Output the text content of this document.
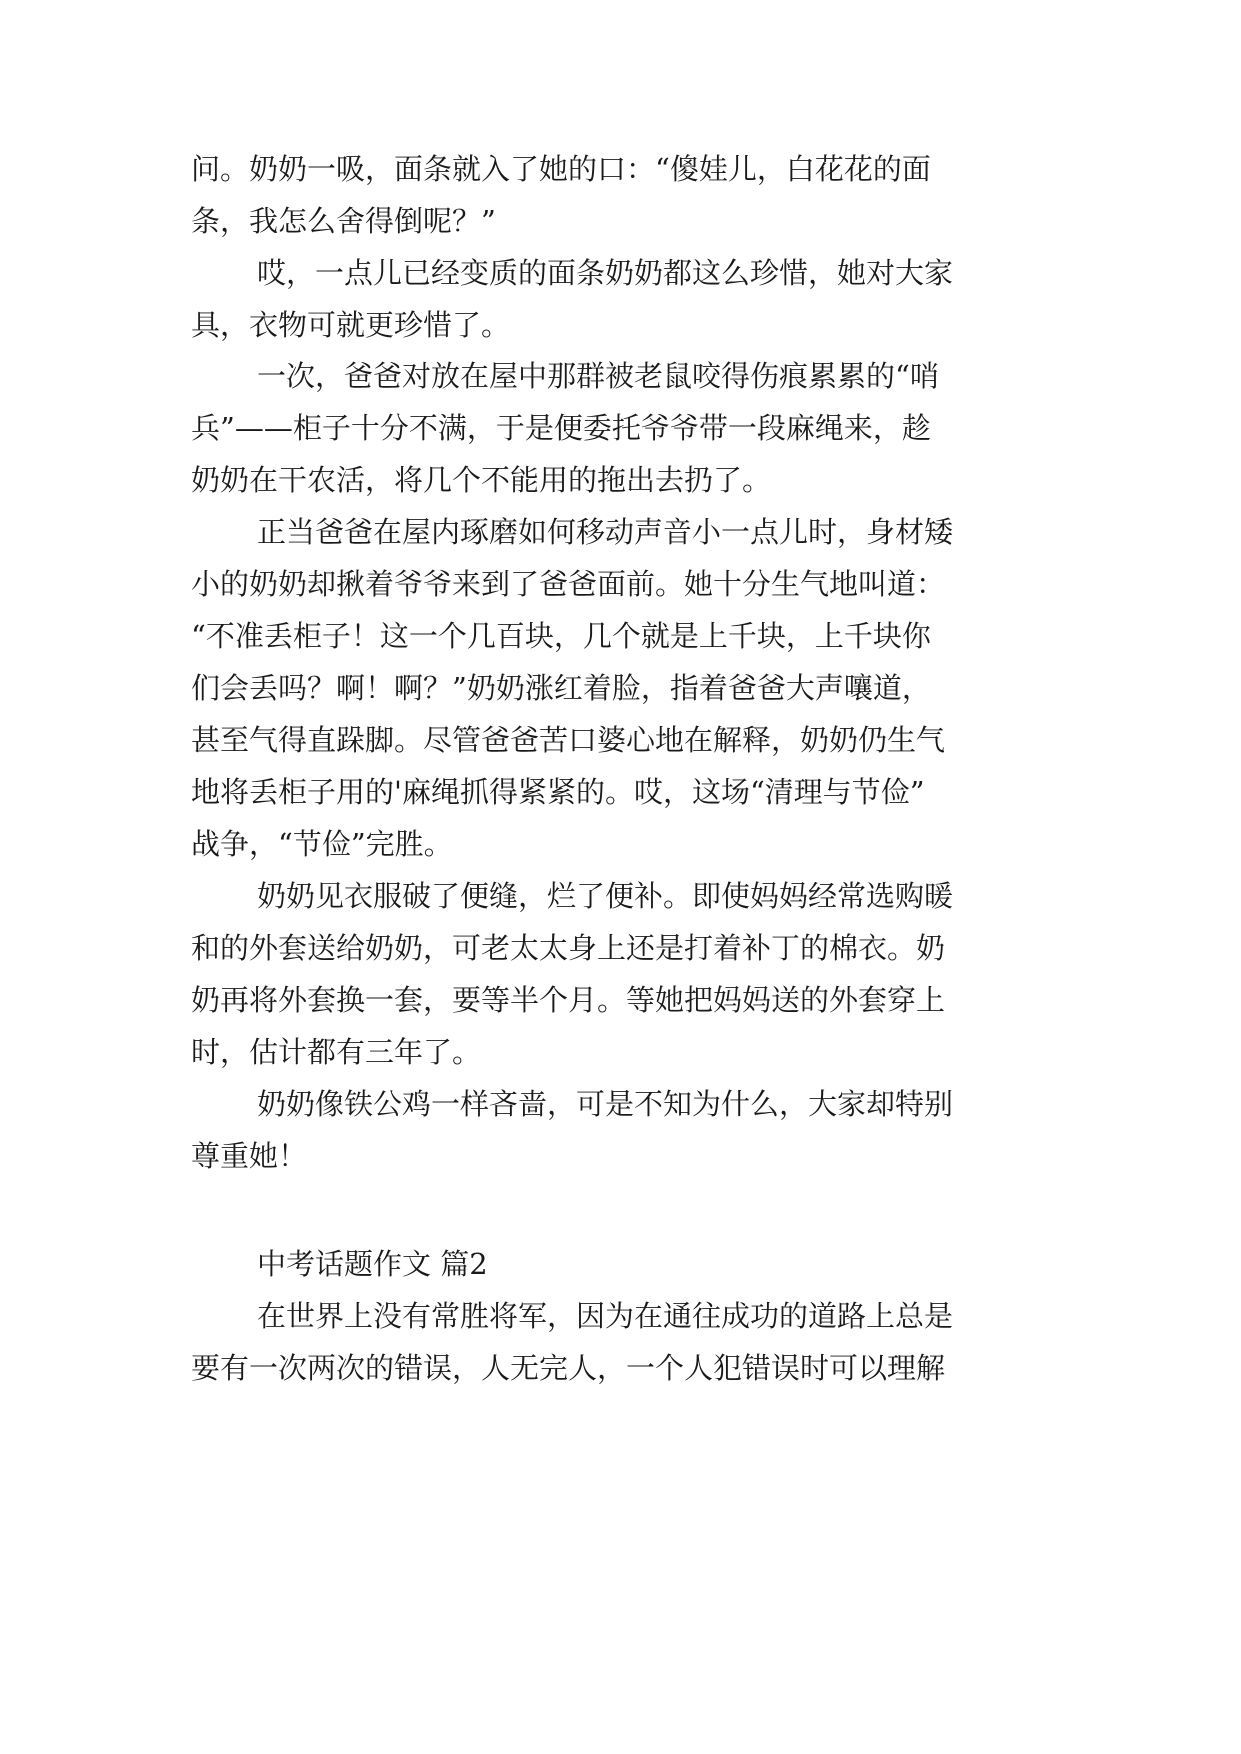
问。奶奶一吸，面条就入了她的口：“傻娃儿，白花花的面
条，我怎么舍得倒呢？”
哎，一点儿已经变质的面条奶奶都这么珍惜，她对大家
具，衣物可就更珍惜了。
一次，爸爸对放在屋中那群被老鼠咬得伤痕累累的“哨
兵”——柜子十分不满，于是便委托爷爷带一段麻绳来，趁
奶奶在干农活，将几个不能用的拖出去扔了。
正当爸爸在屋内琢磨如何移动声音小一点儿时，身材矮
小的奶奶却揪着爷爷来到了爸爸面前。她十分生气地叫道：
“不准丢柜子！这一个几百块，几个就是上千块，上千块你
们会丢吗？啊！啊？”奶奶涨红着脸，指着爸爸大声嚷道，
甚至气得直跺脚。尽管爸爸苦口婆心地在解释，奶奶仍生气
地将丢柜子用的'麻绳抓得紧紧的。哎，这场“清理与节俭”
战争，“节俭”完胜。
奶奶见衣服破了便缝，烂了便补。即使妈妈经常选购暖
和的外套送给奶奶，可老太太身上还是打着补丁的棉衣。奶
奶再将外套换一套，要等半个月。等她把妈妈送的外套穿上
时，估计都有三年了。
奶奶像铁公鸡一样吝啬，可是不知为什么，大家却特别
尊重她！
中考话题作文 篇2
在世界上没有常胜将军，因为在通往成功的道路上总是
要有一次两次的错误，人无完人，一个人犯错误时可以理解
